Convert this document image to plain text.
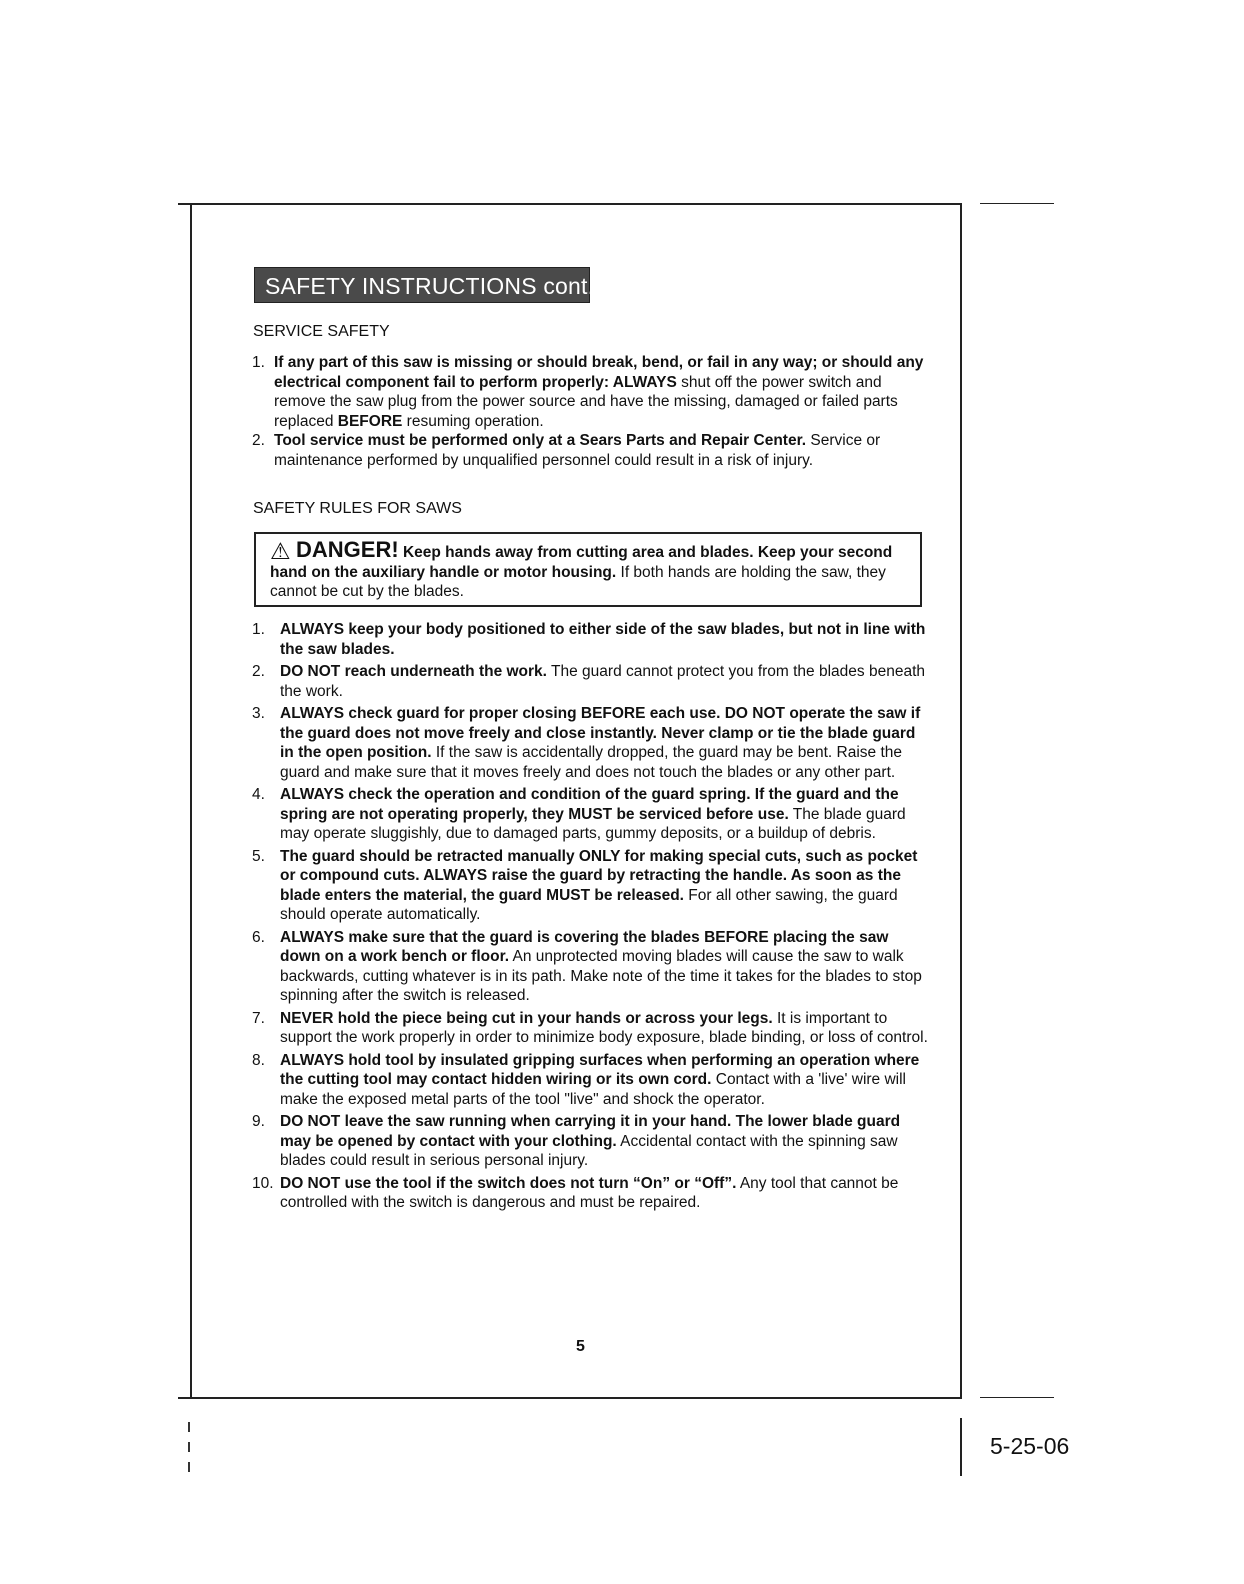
SAFETY INSTRUCTIONS cont.
SERVICE SAFETY
1. If any part of this saw is missing or should break, bend, or fail in any way; or should any electrical component fail to perform properly: ALWAYS shut off the power switch and remove the saw plug from the power source and have the missing, damaged or failed parts replaced BEFORE resuming operation.
2. Tool service must be performed only at a Sears Parts and Repair Center. Service or maintenance performed by unqualified personnel could result in a risk of injury.
SAFETY RULES FOR SAWS
⚠ DANGER! Keep hands away from cutting area and blades. Keep your second hand on the auxiliary handle or motor housing. If both hands are holding the saw, they cannot be cut by the blades.
1. ALWAYS keep your body positioned to either side of the saw blades, but not in line with the saw blades.
2. DO NOT reach underneath the work. The guard cannot protect you from the blades beneath the work.
3. ALWAYS check guard for proper closing BEFORE each use. DO NOT operate the saw if the guard does not move freely and close instantly. Never clamp or tie the blade guard in the open position. If the saw is accidentally dropped, the guard may be bent. Raise the guard and make sure that it moves freely and does not touch the blades or any other part.
4. ALWAYS check the operation and condition of the guard spring. If the guard and the spring are not operating properly, they MUST be serviced before use. The blade guard may operate sluggishly, due to damaged parts, gummy deposits, or a buildup of debris.
5. The guard should be retracted manually ONLY for making special cuts, such as pocket or compound cuts. ALWAYS raise the guard by retracting the handle. As soon as the blade enters the material, the guard MUST be released. For all other sawing, the guard should operate automatically.
6. ALWAYS make sure that the guard is covering the blades BEFORE placing the saw down on a work bench or floor. An unprotected moving blades will cause the saw to walk backwards, cutting whatever is in its path. Make note of the time it takes for the blades to stop spinning after the switch is released.
7. NEVER hold the piece being cut in your hands or across your legs. It is important to support the work properly in order to minimize body exposure, blade binding, or loss of control.
8. ALWAYS hold tool by insulated gripping surfaces when performing an operation where the cutting tool may contact hidden wiring or its own cord. Contact with a 'live' wire will make the exposed metal parts of the tool "live" and shock the operator.
9. DO NOT leave the saw running when carrying it in your hand. The lower blade guard may be opened by contact with your clothing. Accidental contact with the spinning saw blades could result in serious personal injury.
10. DO NOT use the tool if the switch does not turn “On” or “Off”. Any tool that cannot be controlled with the switch is dangerous and must be repaired.
5
5-25-06
